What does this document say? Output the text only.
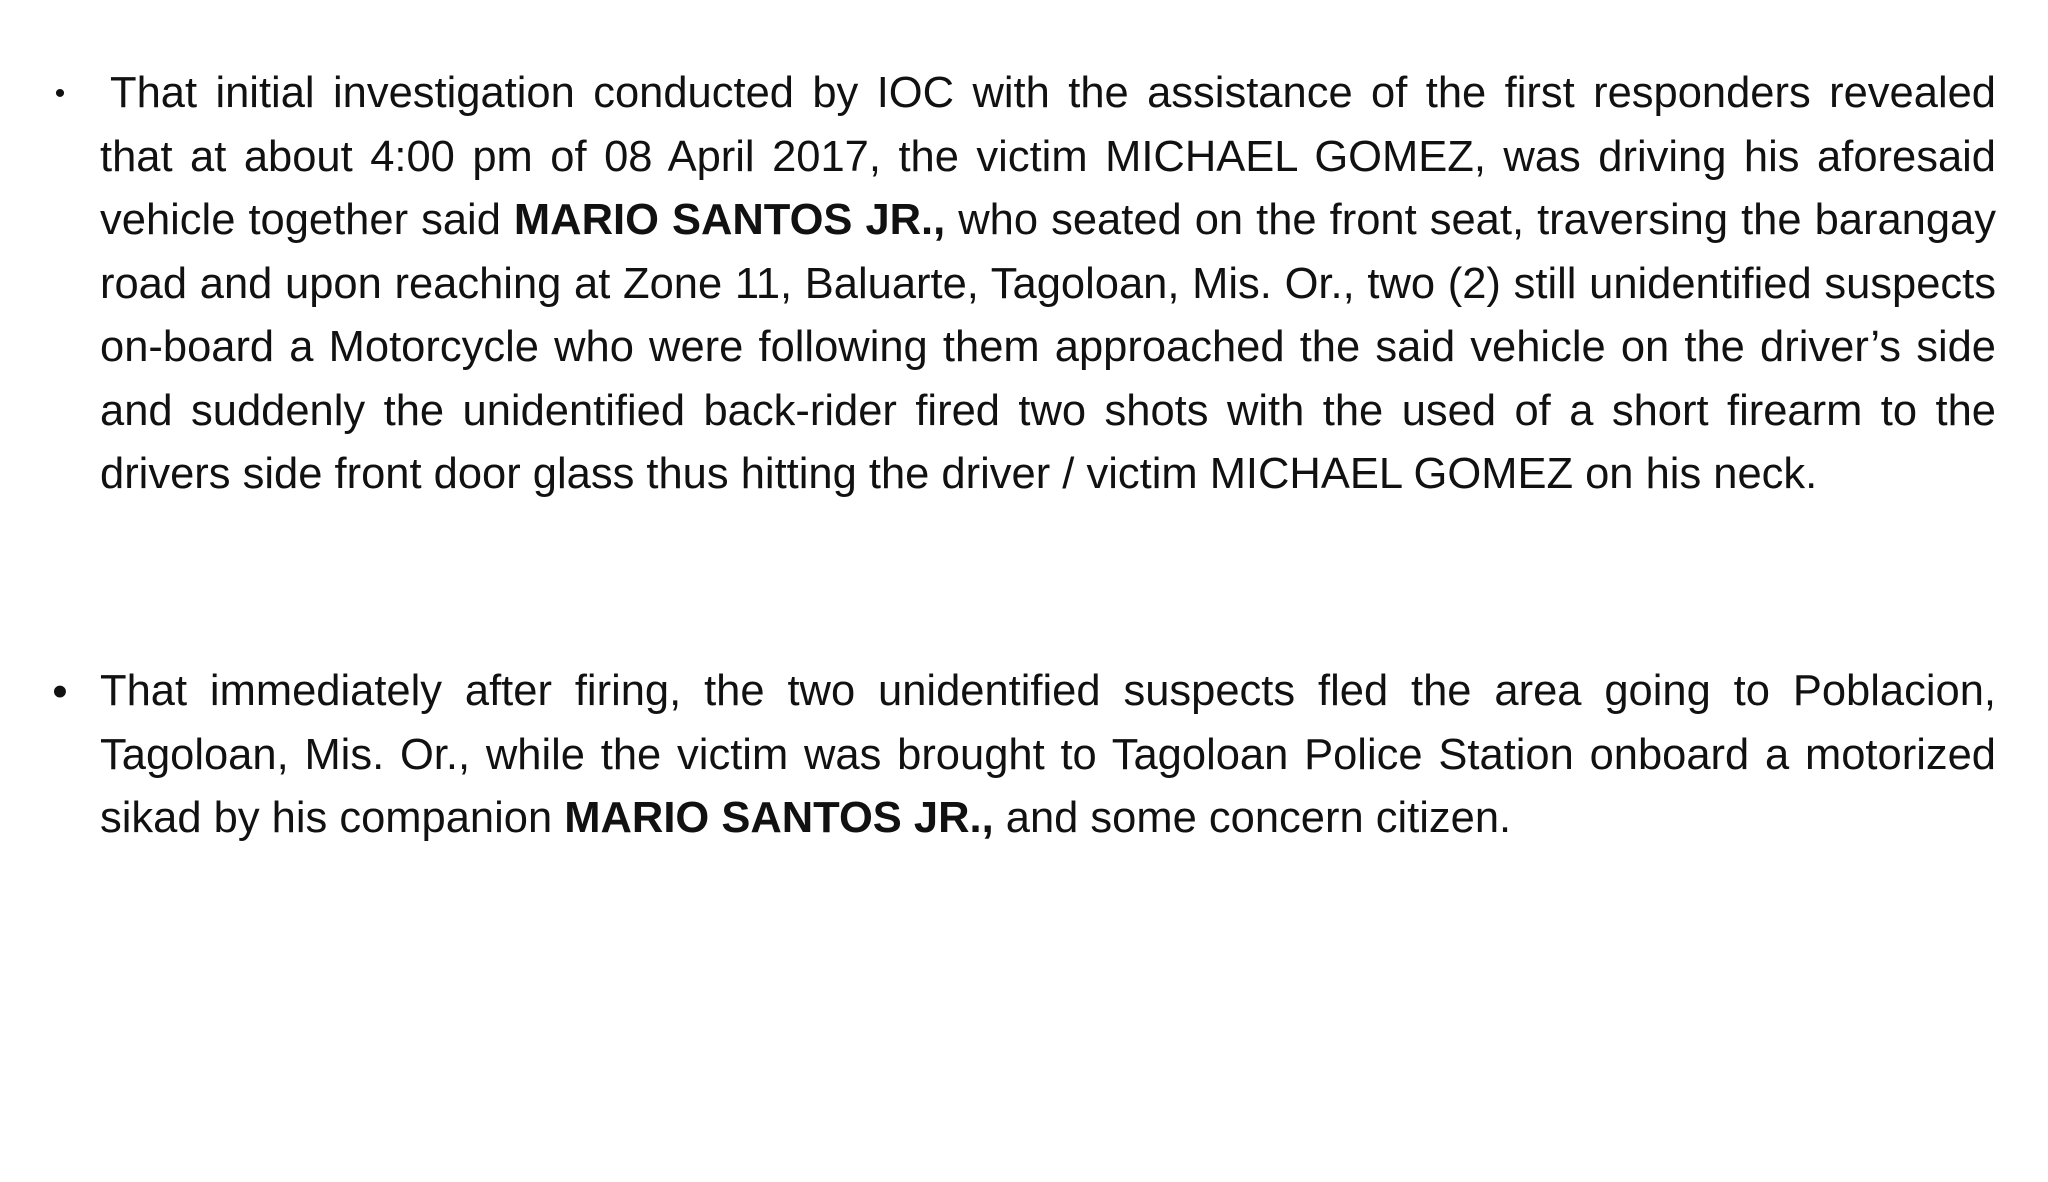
•	That initial investigation conducted by IOC with the assistance of the first responders revealed that at about 4:00 pm of 08 April 2017, the victim MICHAEL GOMEZ, was driving his aforesaid vehicle together said MARIO SANTOS JR., who seated on the front seat, traversing the barangay road and upon reaching at Zone 11, Baluarte, Tagoloan, Mis. Or., two (2) still unidentified suspects on-board a Motorcycle who were following them approached the said vehicle on the driver’s side and suddenly the unidentified back-rider fired two shots with the used of a short firearm to the drivers side front door glass thus hitting the driver / victim MICHAEL GOMEZ on his neck.

• That immediately after firing, the two unidentified suspects fled the area going to Poblacion, Tagoloan, Mis. Or., while the victim was brought to Tagoloan Police Station onboard a motorized sikad by his companion MARIO SANTOS JR., and some concern citizen.
